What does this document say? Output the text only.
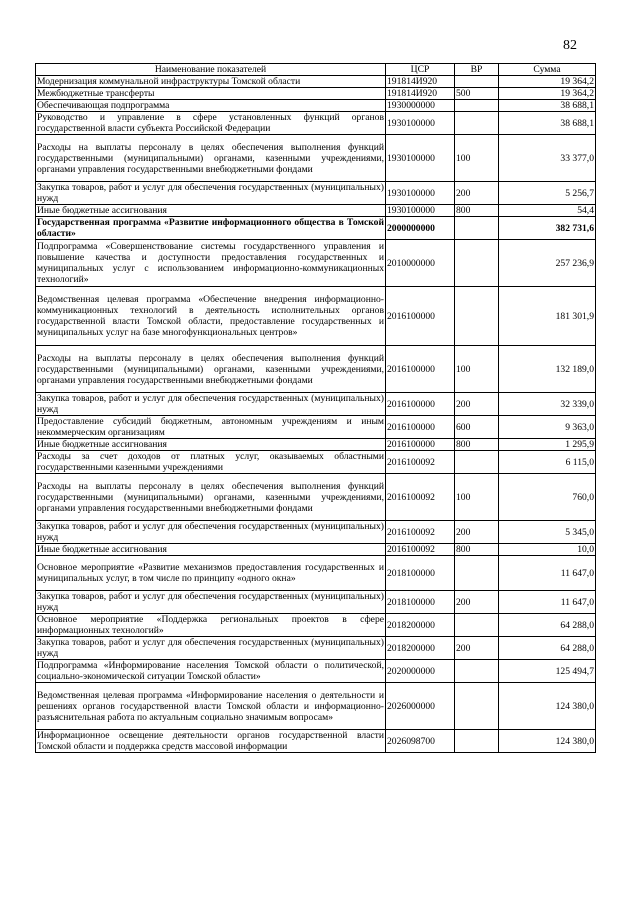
82
Наименование показателей	ЦСР	ВР	Сумма
Модернизация коммунальной инфраструктуры Томской области	191814И920		19 364,2
Межбюджетные трансферты	191814И920	500	19 364,2
Обеспечивающая подпрограмма	1930000000		38 688,1
Руководство и управление в сфере установленных функций органов государственной власти субъекта Российской Федерации	1930100000		38 688,1
Расходы на выплаты персоналу в целях обеспечения выполнения функций государственными (муниципальными) органами, казенными учреждениями, органами управления государственными внебюджетными фондами	1930100000	100	33 377,0
Закупка товаров, работ и услуг для обеспечения государственных (муниципальных) нужд	1930100000	200	5 256,7
Иные бюджетные ассигнования	1930100000	800	54,4
Государственная программа «Развитие информационного общества в Томской области»	2000000000		382 731,6
Подпрограмма «Совершенствование системы государственного управления и повышение качества и доступности предоставления государственных и муниципальных услуг с использованием информационно-коммуникационных технологий»	2010000000		257 236,9
Ведомственная целевая программа «Обеспечение внедрения информационно-коммуникационных технологий в деятельность исполнительных органов государственной власти Томской области, предоставление государственных и муниципальных услуг на базе многофункциональных центров»	2016100000		181 301,9
Расходы на выплаты персоналу в целях обеспечения выполнения функций государственными (муниципальными) органами, казенными учреждениями, органами управления государственными внебюджетными фондами	2016100000	100	132 189,0
Закупка товаров, работ и услуг для обеспечения государственных (муниципальных) нужд	2016100000	200	32 339,0
Предоставление субсидий бюджетным, автономным учреждениям и иным некоммерческим организациям	2016100000	600	9 363,0
Иные бюджетные ассигнования	2016100000	800	1 295,9
Расходы за счет доходов от платных услуг, оказываемых областными государственными казенными учреждениями	2016100092		6 115,0
Расходы на выплаты персоналу в целях обеспечения выполнения функций государственными (муниципальными) органами, казенными учреждениями, органами управления государственными внебюджетными фондами	2016100092	100	760,0
Закупка товаров, работ и услуг для обеспечения государственных (муниципальных) нужд	2016100092	200	5 345,0
Иные бюджетные ассигнования	2016100092	800	10,0
Основное мероприятие «Развитие механизмов предоставления государственных и муниципальных услуг, в том числе по принципу «одного окна»	2018100000		11 647,0
Закупка товаров, работ и услуг для обеспечения государственных (муниципальных) нужд	2018100000	200	11 647,0
Основное мероприятие «Поддержка региональных проектов в сфере информационных технологий»	2018200000		64 288,0
Закупка товаров, работ и услуг для обеспечения государственных (муниципальных) нужд	2018200000	200	64 288,0
Подпрограмма «Информирование населения Томской области о политической, социально-экономической ситуации Томской области»	2020000000		125 494,7
Ведомственная целевая программа «Информирование населения о деятельности и решениях органов государственной власти Томской области и информационно-разъяснительная работа по актуальным социально значимым вопросам»	2026000000		124 380,0
Информационное освещение деятельности органов государственной власти Томской области и поддержка средств массовой информации	2026098700		124 380,0
